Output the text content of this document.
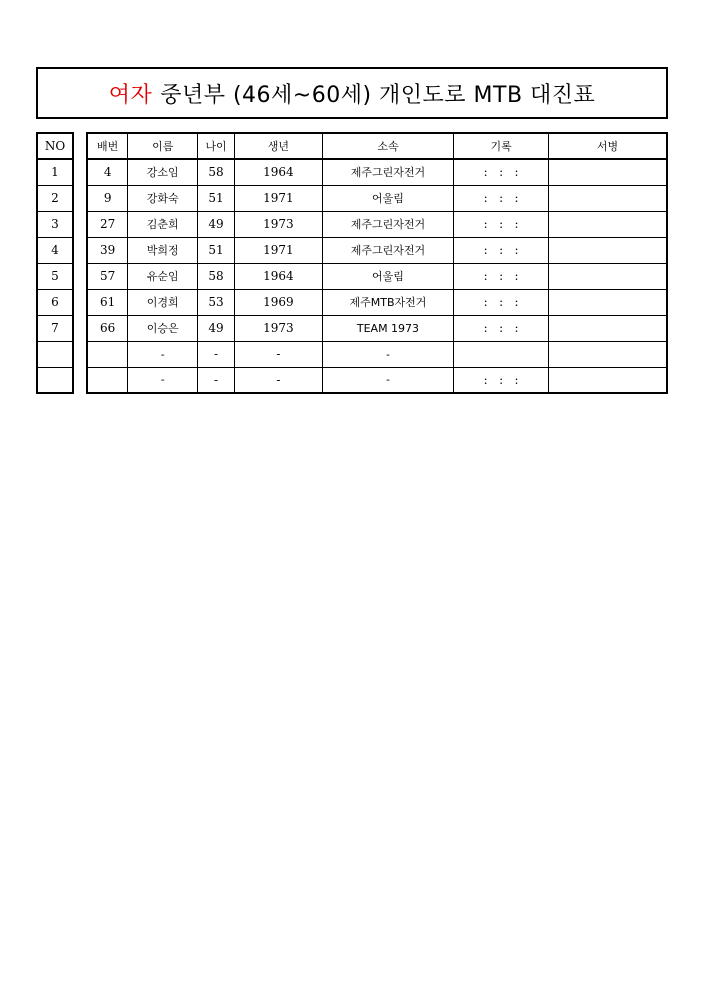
여자 중년부 (46세~60세) 개인도로 MTB 대진표
NO
1
2
3
4
5
6
7

배번	이름	나이	생년	소속	기록	서병
4	강소임	58	1964	제주그린자전거	:   :   :	
9	강화숙	51	1971	어울림	:   :   :	
27	김춘희	49	1973	제주그린자전거	:   :   :	
39	박희정	51	1971	제주그린자전거	:   :   :	
57	유순임	58	1964	어울림	:   :   :	
61	이경희	53	1969	제주MTB자전거	:   :   :	
66	이승은	49	1973	TEAM 1973	:   :   :	
	-	-	-	-		
	-	-	-	-	:   :   :	
